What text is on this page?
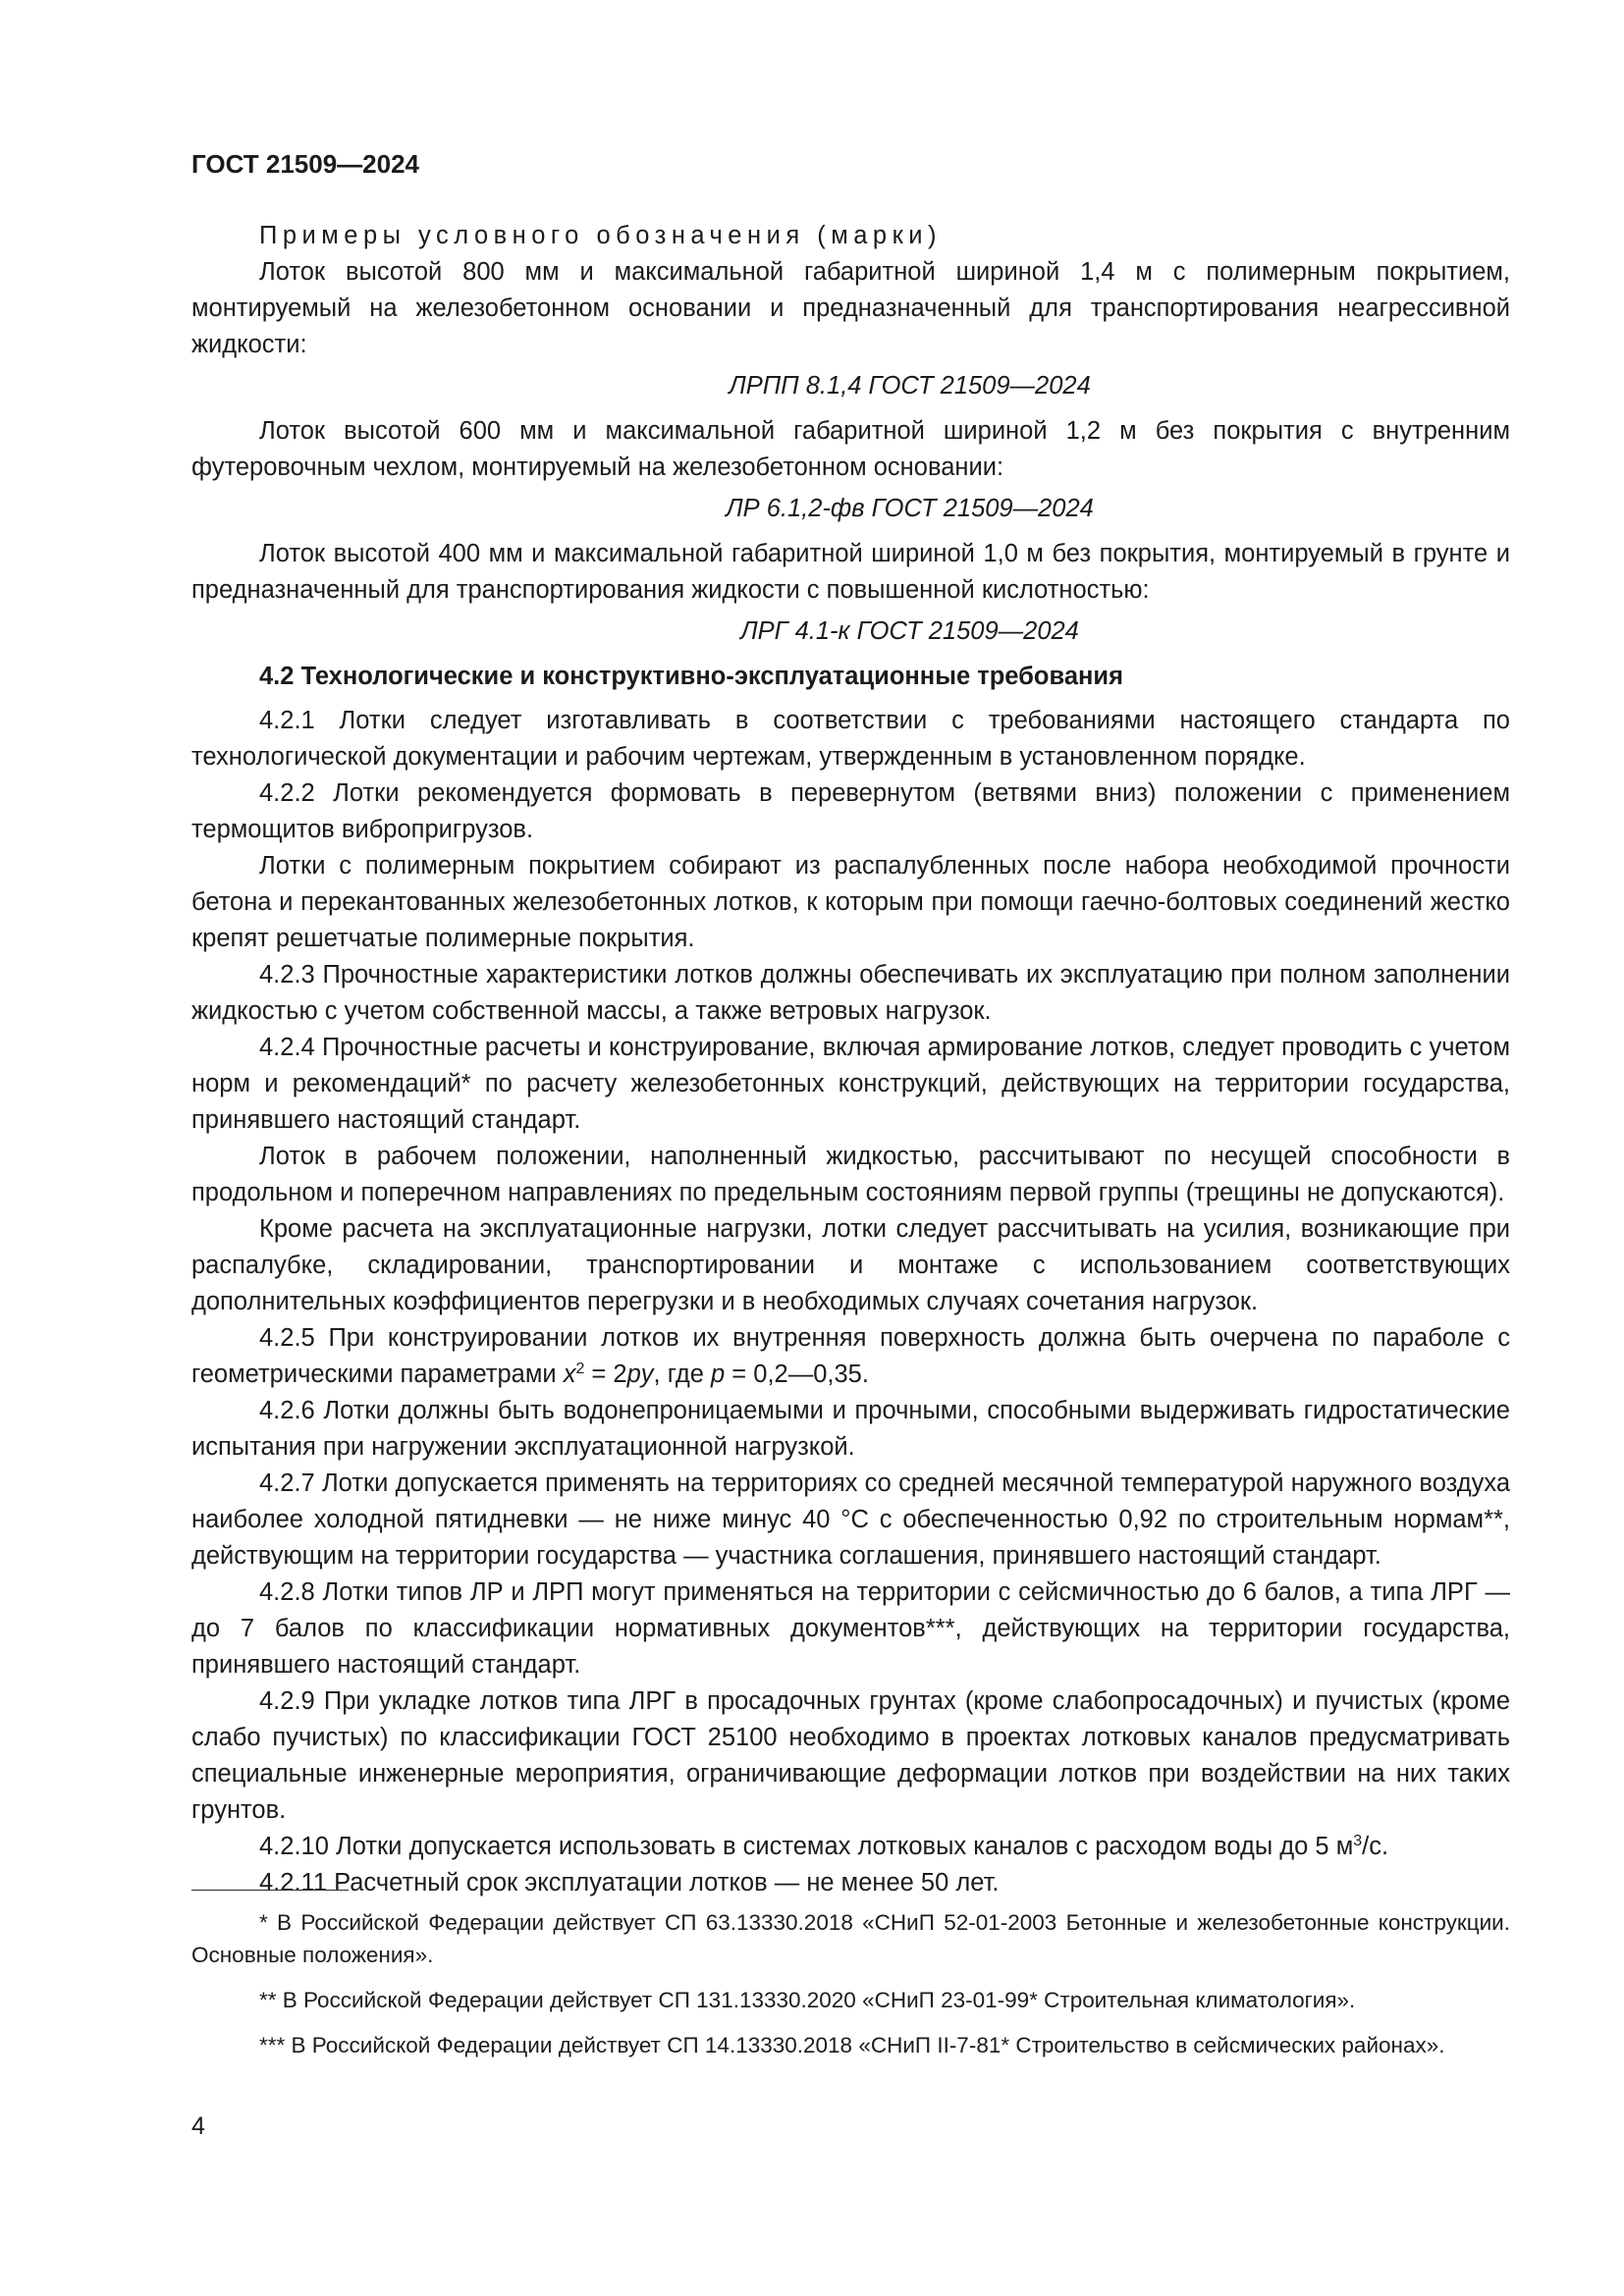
ГОСТ 21509—2024

Примеры условного обозначения (марки)

Лоток высотой 800 мм и максимальной габаритной шириной 1,4 м с полимерным покрытием, монтируемый на железобетонном основании и предназначенный для транспортирования неагрессивной жидкости:

ЛРПП 8.1,4 ГОСТ 21509—2024

Лоток высотой 600 мм и максимальной габаритной шириной 1,2 м без покрытия с внутренним футеровочным чехлом, монтируемый на железобетонном основании:

ЛР 6.1,2-фв ГОСТ 21509—2024

Лоток высотой 400 мм и максимальной габаритной шириной 1,0 м без покрытия, монтируемый в грунте и предназначенный для транспортирования жидкости с повышенной кислотностью:

ЛРГ 4.1-к ГОСТ 21509—2024

4.2 Технологические и конструктивно-эксплуатационные требования

4.2.1 Лотки следует изготавливать в соответствии с требованиями настоящего стандарта по технологической документации и рабочим чертежам, утвержденным в установленном порядке.

4.2.2 Лотки рекомендуется формовать в перевернутом (ветвями вниз) положении с применением термощитов вибропригрузов.

Лотки с полимерным покрытием собирают из распалубленных после набора необходимой прочности бетона и перекантованных железобетонных лотков, к которым при помощи гаечно-болтовых соединений жестко крепят решетчатые полимерные покрытия.

4.2.3 Прочностные характеристики лотков должны обеспечивать их эксплуатацию при полном заполнении жидкостью с учетом собственной массы, а также ветровых нагрузок.

4.2.4 Прочностные расчеты и конструирование, включая армирование лотков, следует проводить с учетом норм и рекомендаций* по расчету железобетонных конструкций, действующих на территории государства, принявшего настоящий стандарт.

Лоток в рабочем положении, наполненный жидкостью, рассчитывают по несущей способности в продольном и поперечном направлениях по предельным состояниям первой группы (трещины не допускаются).

Кроме расчета на эксплуатационные нагрузки, лотки следует рассчитывать на усилия, возникающие при распалубке, складировании, транспортировании и монтаже с использованием соответствующих дополнительных коэффициентов перегрузки и в необходимых случаях сочетания нагрузок.

4.2.5 При конструировании лотков их внутренняя поверхность должна быть очерчена по параболе с геометрическими параметрами $x^2 = 2py$, где p = 0,2—0,35.

4.2.6 Лотки должны быть водонепроницаемыми и прочными, способными выдерживать гидростатические испытания при нагружении эксплуатационной нагрузкой.

4.2.7 Лотки допускается применять на территориях со средней месячной температурой наружного воздуха наиболее холодной пятидневки — не ниже минус 40 °С с обеспеченностью 0,92 по строительным нормам**, действующим на территории государства — участника соглашения, принявшего настоящий стандарт.

4.2.8 Лотки типов ЛР и ЛРП могут применяться на территории с сейсмичностью до 6 балов, а типа ЛРГ — до 7 балов по классификации нормативных документов***, действующих на территории государства, принявшего настоящий стандарт.

4.2.9 При укладке лотков типа ЛРГ в просадочных грунтах (кроме слабопросадочных) и пучистых (кроме слабо пучистых) по классификации ГОСТ 25100 необходимо в проектах лотковых каналов предусматривать специальные инженерные мероприятия, ограничивающие деформации лотков при воздействии на них таких грунтов.

4.2.10 Лотки допускается использовать в системах лотковых каналов с расходом воды до 5 $м^3/с$.

4.2.11 Расчетный срок эксплуатации лотков — не менее 50 лет.

* В Российской Федерации действует СП 63.13330.2018 «СНиП 52-01-2003 Бетонные и железобетонные конструкции. Основные положения».

** В Российской Федерации действует СП 131.13330.2020 «СНиП 23-01-99* Строительная климатология».

*** В Российской Федерации действует СП 14.13330.2018 «СНиП II-7-81* Строительство в сейсмических районах».

4
